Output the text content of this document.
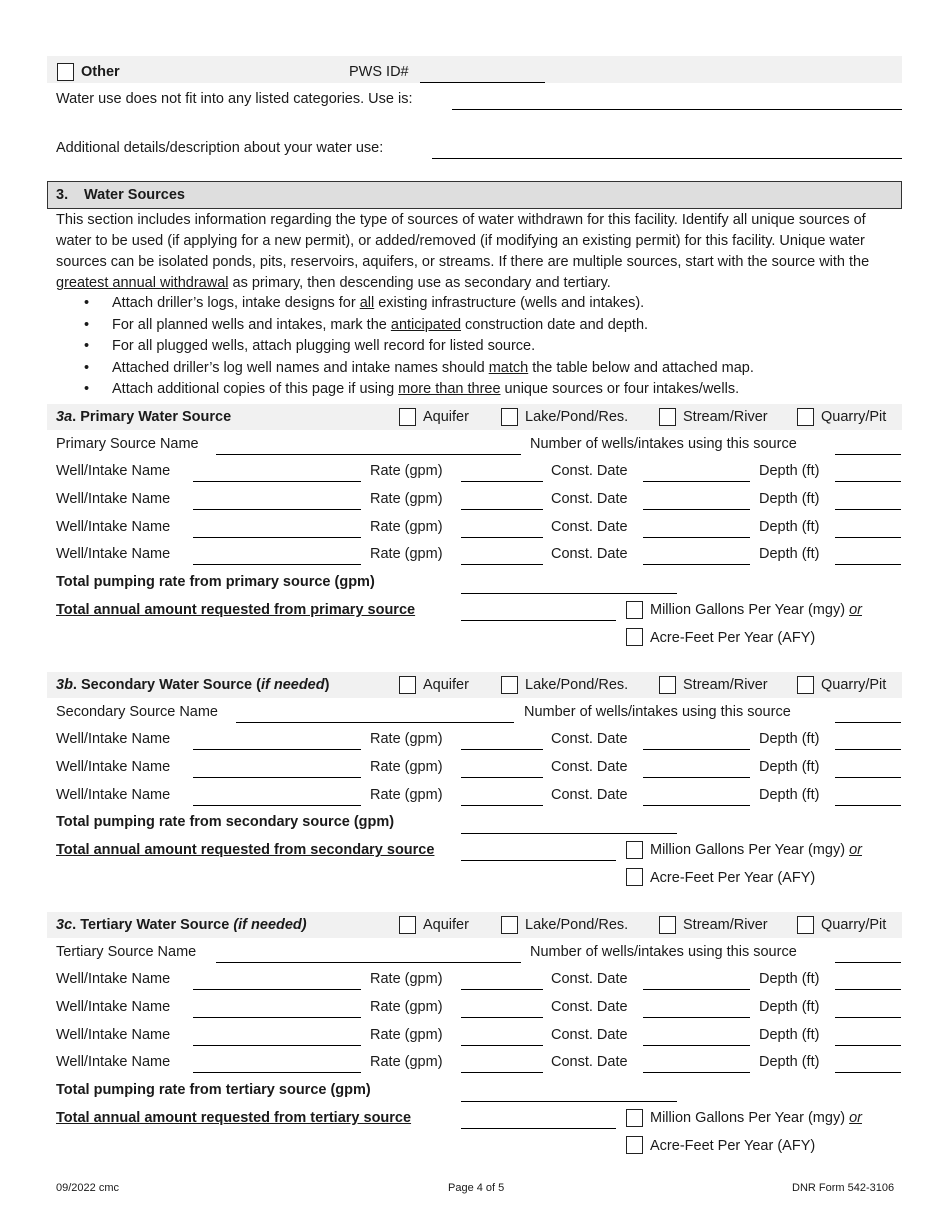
Other	PWS ID#
Water use does not fit into any listed categories. Use is:
Additional details/description about your water use:
3. Water Sources
This section includes information regarding the type of sources of water withdrawn for this facility. Identify all unique sources of water to be used (if applying for a new permit), or added/removed (if modifying an existing permit) for this facility. Unique water sources can be isolated ponds, pits, reservoirs, aquifers, or streams. If there are multiple sources, start with the source with the greatest annual withdrawal as primary, then descending use as secondary and tertiary.
• Attach driller’s logs, intake designs for all existing infrastructure (wells and intakes).
• For all planned wells and intakes, mark the anticipated construction date and depth.
• For all plugged wells, attach plugging well record for listed source.
• Attached driller’s log well names and intake names should match the table below and attached map.
• Attach additional copies of this page if using more than three unique sources or four intakes/wells.
3a. Primary Water Source	Aquifer	Lake/Pond/Res.	Stream/River	Quarry/Pit
Primary Source Name	Number of wells/intakes using this source
Well/Intake Name	Rate (gpm)	Const. Date	Depth (ft)
Well/Intake Name	Rate (gpm)	Const. Date	Depth (ft)
Well/Intake Name	Rate (gpm)	Const. Date	Depth (ft)
Well/Intake Name	Rate (gpm)	Const. Date	Depth (ft)
Total pumping rate from primary source (gpm)
Total annual amount requested from primary source	Million Gallons Per Year (mgy) or
Acre-Feet Per Year (AFY)
3b. Secondary Water Source (if needed)	Aquifer	Lake/Pond/Res.	Stream/River	Quarry/Pit
Secondary Source Name	Number of wells/intakes using this source
Well/Intake Name	Rate (gpm)	Const. Date	Depth (ft)
Well/Intake Name	Rate (gpm)	Const. Date	Depth (ft)
Well/Intake Name	Rate (gpm)	Const. Date	Depth (ft)
Total pumping rate from secondary source (gpm)
Total annual amount requested from secondary source	Million Gallons Per Year (mgy) or
Acre-Feet Per Year (AFY)
3c. Tertiary Water Source (if needed)	Aquifer	Lake/Pond/Res.	Stream/River	Quarry/Pit
Tertiary Source Name	Number of wells/intakes using this source
Well/Intake Name	Rate (gpm)	Const. Date	Depth (ft)
Well/Intake Name	Rate (gpm)	Const. Date	Depth (ft)
Well/Intake Name	Rate (gpm)	Const. Date	Depth (ft)
Well/Intake Name	Rate (gpm)	Const. Date	Depth (ft)
Total pumping rate from tertiary source (gpm)
Total annual amount requested from tertiary source	Million Gallons Per Year (mgy) or
Acre-Feet Per Year (AFY)
09/2022 cmc	Page 4 of 5	DNR Form 542-3106
